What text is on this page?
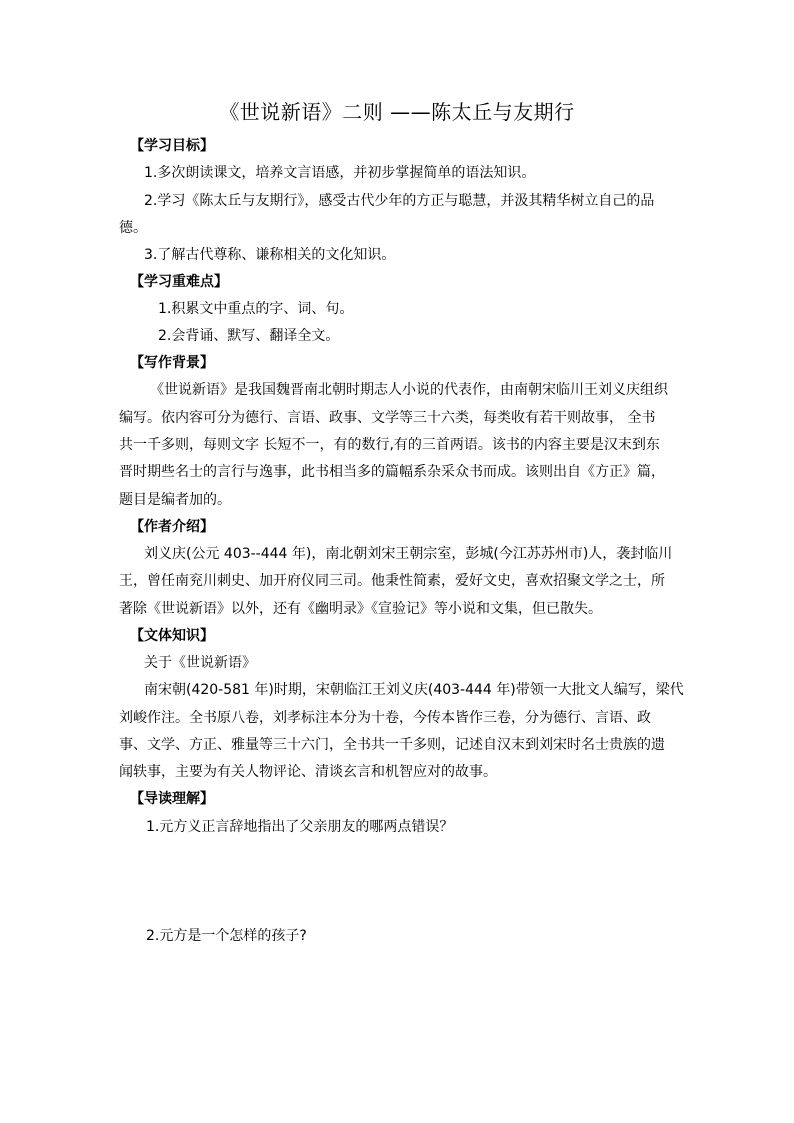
《世说新语》二则 ——陈太丘与友期行
【学习目标】
1.多次朗读课文，培养文言语感，并初步掌握简单的语法知识。
2.学习《陈太丘与友期行》，感受古代少年的方正与聪慧，并汲其精华树立自己的品
德。
3.了解古代尊称、谦称相关的文化知识。
【学习重难点】
1.积累文中重点的字、词、句。
2.会背诵、默写、翻译全文。
【写作背景】
《世说新语》是我国魏晋南北朝时期志人小说的代表作，由南朝宋临川王刘义庆组织
编写。依内容可分为德行、言语、政事、文学等三十六类，每类收有若干则故事， 全书
共一千多则，每则文字 长短不一，有的数行,有的三首两语。该书的内容主要是汉末到东
晋时期些名士的言行与逸事，此书相当多的篇幅系杂采众书而成。该则出自《方正》篇，
题目是编者加的。
【作者介绍】
刘义庆(公元 403--444 年)，南北朝刘宋王朝宗室，彭城(今江苏苏州市)人，袭封临川
王，曾任南兖川刺史、加开府仪同三司。他秉性简素，爱好文史，喜欢招聚文学之士，所
著除《世说新语》以外，还有《幽明录》《宣验记》等小说和文集，但已散失。
【文体知识】
关于《世说新语》
南宋朝(420-581 年)时期，宋朝临江王刘义庆(403-444 年)带领一大批文人编写，梁代
刘峻作注。全书原八卷，刘孝标注本分为十卷，今传本皆作三卷，分为德行、言语、政
事、文学、方正、雅量等三十六门，全书共一千多则，记述自汉末到刘宋时名士贵族的遗
闻轶事，主要为有关人物评论、清谈玄言和机智应对的故事。
【导读理解】
1.元方义正言辞地指出了父亲朋友的哪两点错误？
2.元方是一个怎样的孩子?
